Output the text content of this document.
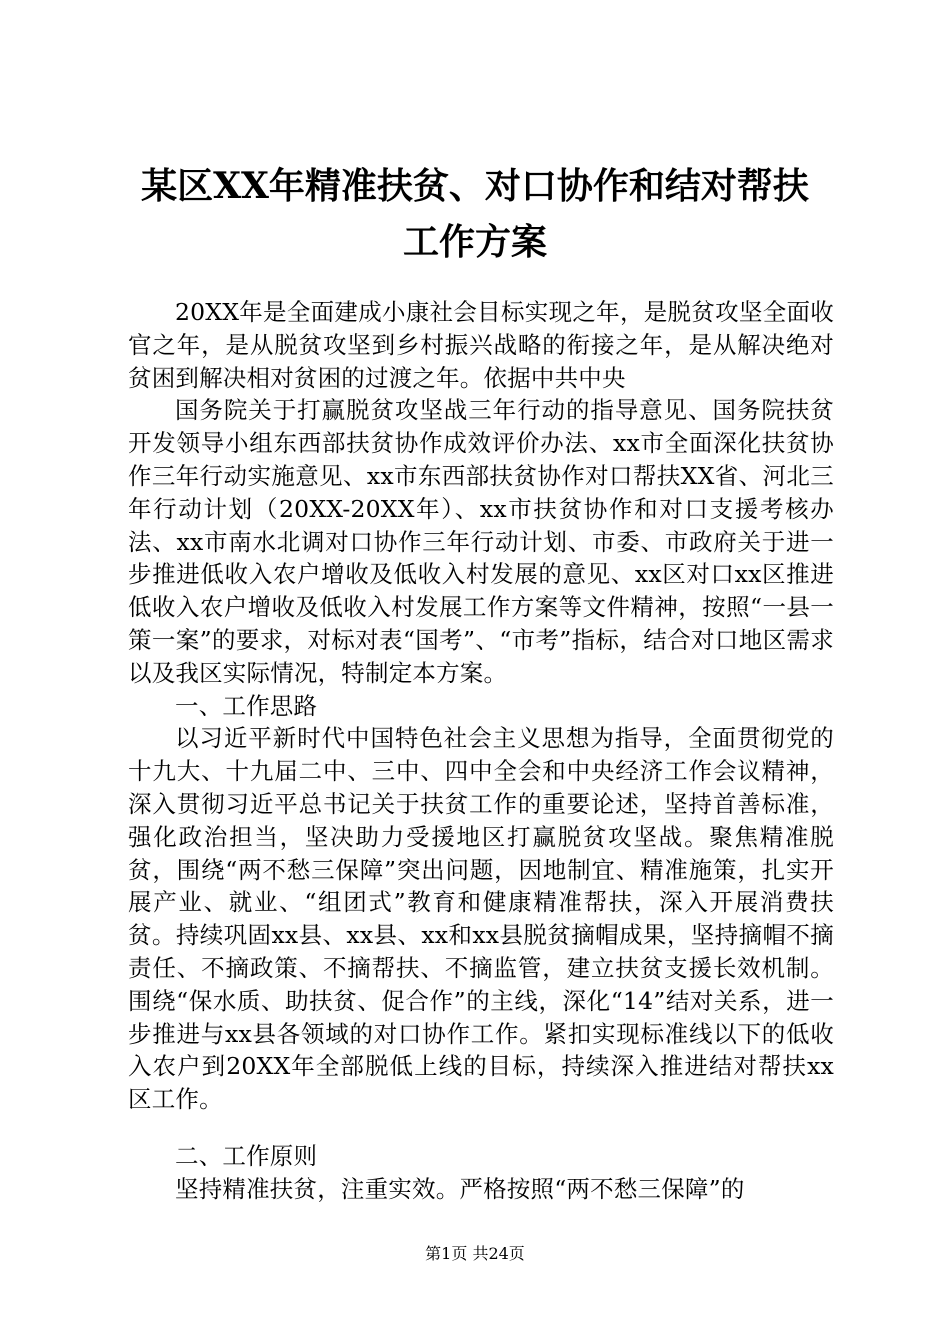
某区XX年精准扶贫、对口协作和结对帮扶工作方案

20XX年是全面建成小康社会目标实现之年，是脱贫攻坚全面收官之年，是从脱贫攻坚到乡村振兴战略的衔接之年，是从解决绝对贫困到解决相对贫困的过渡之年。依据中共中央

国务院关于打赢脱贫攻坚战三年行动的指导意见、国务院扶贫开发领导小组东西部扶贫协作成效评价办法、xx市全面深化扶贫协作三年行动实施意见、xx市东西部扶贫协作对口帮扶XX省、河北三年行动计划（20XX-20XX年）、xx市扶贫协作和对口支援考核办法、xx市南水北调对口协作三年行动计划、市委、市政府关于进一步推进低收入农户增收及低收入村发展的意见、xx区对口xx区推进低收入农户增收及低收入村发展工作方案等文件精神，按照“一县一策一案”的要求，对标对表“国考”、“市考”指标，结合对口地区需求以及我区实际情况，特制定本方案。

一、工作思路

以习近平新时代中国特色社会主义思想为指导，全面贯彻党的十九大、十九届二中、三中、四中全会和中央经济工作会议精神，深入贯彻习近平总书记关于扶贫工作的重要论述，坚持首善标准，强化政治担当，坚决助力受援地区打赢脱贫攻坚战。聚焦精准脱贫，围绕“两不愁三保障”突出问题，因地制宜、精准施策，扎实开展产业、就业、“组团式”教育和健康精准帮扶，深入开展消费扶贫。持续巩固xx县、xx县、xx和xx县脱贫摘帽成果，坚持摘帽不摘责任、不摘政策、不摘帮扶、不摘监管，建立扶贫支援长效机制。围绕“保水质、助扶贫、促合作”的主线，深化“14”结对关系，进一步推进与xx县各领域的对口协作工作。紧扣实现标准线以下的低收入农户到20XX年全部脱低上线的目标，持续深入推进结对帮扶xx区工作。

二、工作原则

坚持精准扶贫，注重实效。严格按照“两不愁三保障”的

第1页 共24页
